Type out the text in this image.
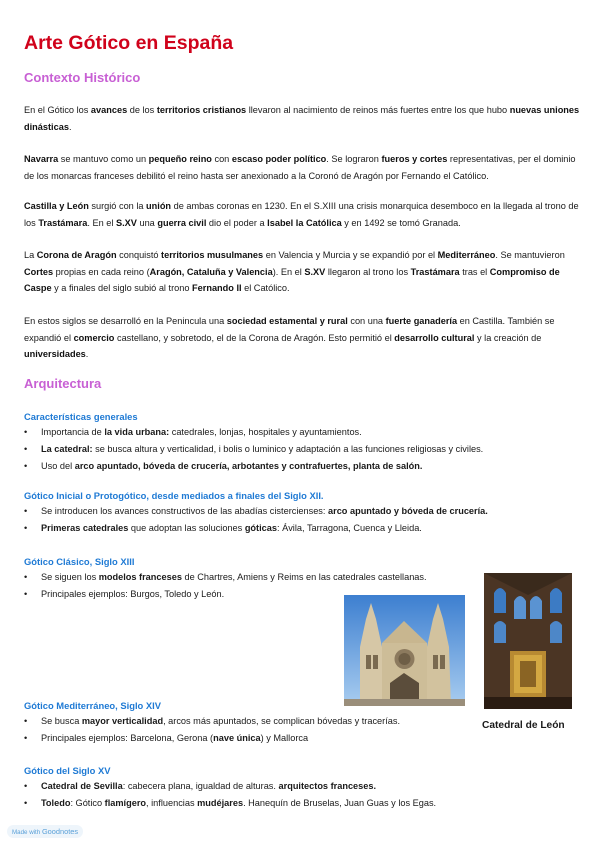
Arte Gótico en España
Contexto Histórico
En el Gótico los avances de los territorios cristianos llevaron al nacimiento de reinos más fuertes entre los que hubo nuevas uniones dinásticas.
Navarra se mantuvo como un pequeño reino con escaso poder político. Se lograron fueros y cortes representativas, per el dominio de los monarcas franceses debilitó el reino hasta ser anexionado a la Coronó de Aragón por Fernando el Católico.
Castilla y León surgió con la unión de ambas coronas en 1230. En el S.XIII una crisis monarquica desemboco en la llegada al trono de los Trastámara. En el S.XV una guerra civil dio el poder a Isabel la Católica y en 1492 se tomó Granada.
La Corona de Aragón conquistó territorios musulmanes en Valencia y Murcia y se expandió por el Mediterráneo. Se mantuvieron Cortes propias en cada reino (Aragón, Cataluña y Valencia). En el S.XV llegaron al trono los Trastámara tras el Compromiso de Caspe y a finales del siglo subió al trono Fernando II el Católico.
En estos siglos se desarrolló en la Penincula una sociedad estamental y rural con una fuerte ganadería en Castilla. También se expandió el comercio castellano, y sobretodo, el de la Corona de Aragón. Esto permitió el desarrollo cultural y la creación de universidades.
Arquitectura
Características generales
• Importancia de la vida urbana: catedrales, lonjas, hospitales y ayuntamientos.
• La catedral: se busca altura y verticalidad, i bolis o luminico y adaptación a las funciones religiosas y civiles.
• Uso del arco apuntado, bóveda de crucería, arbotantes y contrafuertes, planta de salón.
Gótico Inicial o Protogótico, desde mediados a finales del Siglo XII.
• Se introducen los avances constructivos de las abadías cistercienses: arco apuntado y bóveda de crucería.
• Primeras catedrales que adoptan las soluciones góticas: Ávila, Tarragona, Cuenca y Lleida.
Gótico Clásico, Siglo XIII
• Se siguen los modelos franceses de Chartres, Amiens y Reims en las catedrales castellanas.
• Principales ejemplos: Burgos, Toledo y León.
Gótico Mediterráneo, Siglo XIV
• Se busca mayor verticalidad, arcos más apuntados, se complican bóvedas y tracerías.
• Principales ejemplos: Barcelona, Gerona (nave única) y Mallorca
Gótico del Siglo XV
• Catedral de Sevilla: cabecera plana, igualdad de alturas. arquitectos franceses.
• Toledo: Gótico flamígero, influencias mudéjares. Hanequín de Bruselas, Juan Guas y los Egas.
Catedral de León
Made with Goodnotes
